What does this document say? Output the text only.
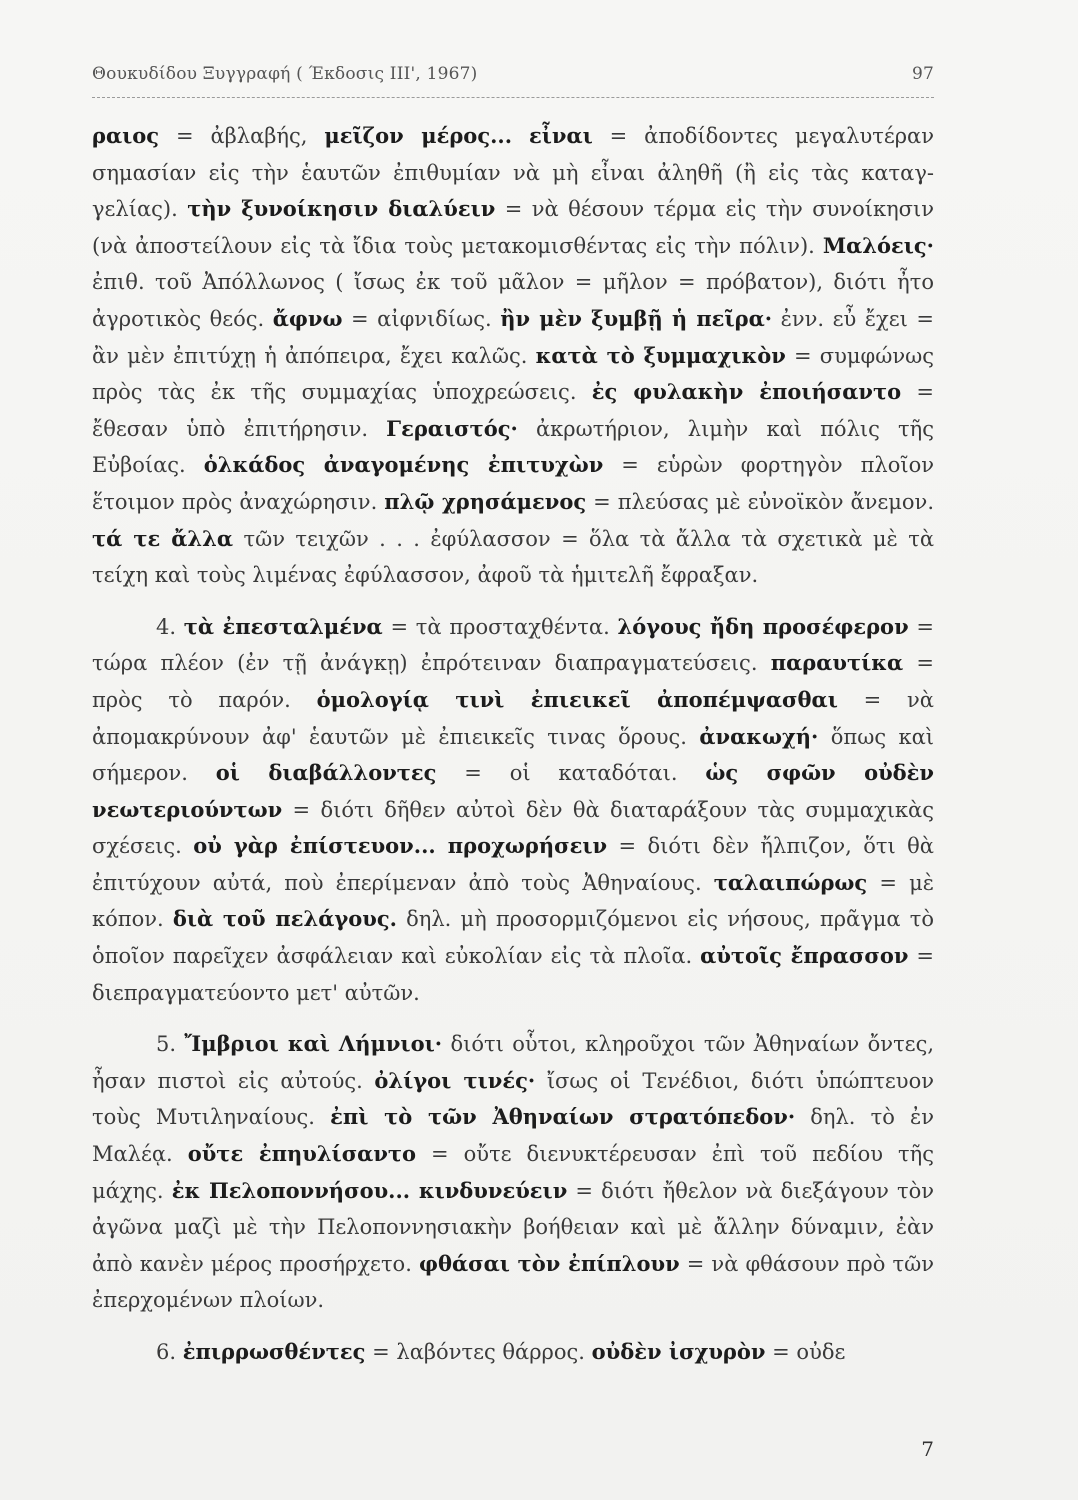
Θουκυδίδου Ξυγγραφή ( Έκδοσις ΙΙΙ', 1967)	97

ραιος = ἀβλαβής, μεῖζον μέρος... εἶναι = ἀποδίδοντες μεγαλυτέραν σημασίαν εἰς τὴν ἑαυτῶν ἐπιθυμίαν νὰ μὴ εἶναι ἀληθῆ (ἢ εἰς τὰς καταγγελίας). τὴν ξυνοίκησιν διαλύειν = νὰ θέσουν τέρμα εἰς τὴν συνοίκησιν (νὰ ἀποστείλουν εἰς τὰ ἴδια τοὺς μετακομισθέντας εἰς τὴν πόλιν). Μαλόεις· ἐπιθ. τοῦ Ἀπόλλωνος ( ἴσως ἐκ τοῦ μᾶλον = μῆλον = πρόβατον), διότι ἦτο ἀγροτικὸς θεός. ἄφνω = αἰφνιδίως. ἢν μὲν ξυμβῇ ἡ πεῖρα· ἐνν. εὖ ἔχει = ἂν μὲν ἐπιτύχῃ ἡ ἀπόπειρα, ἔχει καλῶς. κατὰ τὸ ξυμμαχικὸν = συμφώνως πρὸς τὰς ἐκ τῆς συμμαχίας ὑποχρεώσεις. ἐς φυλακὴν ἐποιήσαντο = ἔθεσαν ὑπὸ ἐπιτήρησιν. Γεραιστός· ἀκρωτήριον, λιμὴν καὶ πόλις τῆς Εὐβοίας. ὁλκάδος ἀναγομένης ἐπιτυχὼν = εὑρὼν φορτηγὸν πλοῖον ἕτοιμον πρὸς ἀναχώρησιν. πλῷ χρησάμενος = πλεύσας μὲ εὐνοϊκὸν ἄνεμον. τά τε ἄλλα τῶν τειχῶν . . . ἐφύλασσον = ὅλα τὰ ἄλλα τὰ σχετικὰ μὲ τὰ τείχη καὶ τοὺς λιμένας ἐφύλασσον, ἀφοῦ τὰ ἡμιτελῆ ἔφραξαν.

4. τὰ ἐπεσταλμένα = τὰ προσταχθέντα. λόγους ἤδη προσέφερον = τώρα πλέον (ἐν τῇ ἀνάγκῃ) ἐπρότειναν διαπραγματεύσεις. παραυτίκα = πρὸς τὸ παρόν. ὁμολογίᾳ τινὶ ἐπιεικεῖ ἀποπέμψασθαι = νὰ ἀπομακρύνουν ἀφ' ἑαυτῶν μὲ ἐπιεικεῖς τινας ὅρους. ἀνακωχή· ὅπως καὶ σήμερον. οἱ διαβάλλοντες = οἱ καταδόται. ὡς σφῶν οὐδὲν νεωτεριούντων = διότι δῆθεν αὐτοὶ δὲν θὰ διαταράξουν τὰς συμμαχικὰς σχέσεις. οὐ γὰρ ἐπίστευον... προχωρήσειν = διότι δὲν ἤλπιζον, ὅτι θὰ ἐπιτύχουν αὐτά, ποὺ ἐπερίμεναν ἀπὸ τοὺς Ἀθηναίους. ταλαιπώρως = μὲ κόπον. διὰ τοῦ πελάγους. δηλ. μὴ προσορμιζόμενοι εἰς νήσους, πρᾶγμα τὸ ὁποῖον παρεῖχεν ἀσφάλειαν καὶ εὐκολίαν εἰς τὰ πλοῖα. αὐτοῖς ἔπρασσον = διεπραγματεύοντο μετ' αὐτῶν.

5. Ἴμβριοι καὶ Λήμνιοι· διότι οὗτοι, κληροῦχοι τῶν Ἀθηναίων ὄντες, ἦσαν πιστοὶ εἰς αὐτούς. ὀλίγοι τινές· ἴσως οἱ Τενέδιοι, διότι ὑπώπτευον τοὺς Μυτιληναίους. ἐπὶ τὸ τῶν Ἀθηναίων στρατόπεδον· δηλ. τὸ ἐν Μαλέᾳ. οὔτε ἐπηυλίσαντο = οὔτε διενυκτέρευσαν ἐπὶ τοῦ πεδίου τῆς μάχης. ἐκ Πελοποννήσου... κινδυνεύειν = διότι ἤθελον νὰ διεξάγουν τὸν ἀγῶνα μαζὶ μὲ τὴν Πελοποννησιακὴν βοήθειαν καὶ μὲ ἄλλην δύναμιν, ἐὰν ἀπὸ κανὲν μέρος προσήρχετο. φθάσαι τὸν ἐπίπλουν = νὰ φθάσουν πρὸ τῶν ἐπερχομένων πλοίων.

6. ἐπιρρωσθέντες = λαβόντες θάρρος. οὐδὲν ἰσχυρὸν = οὐδε

7
